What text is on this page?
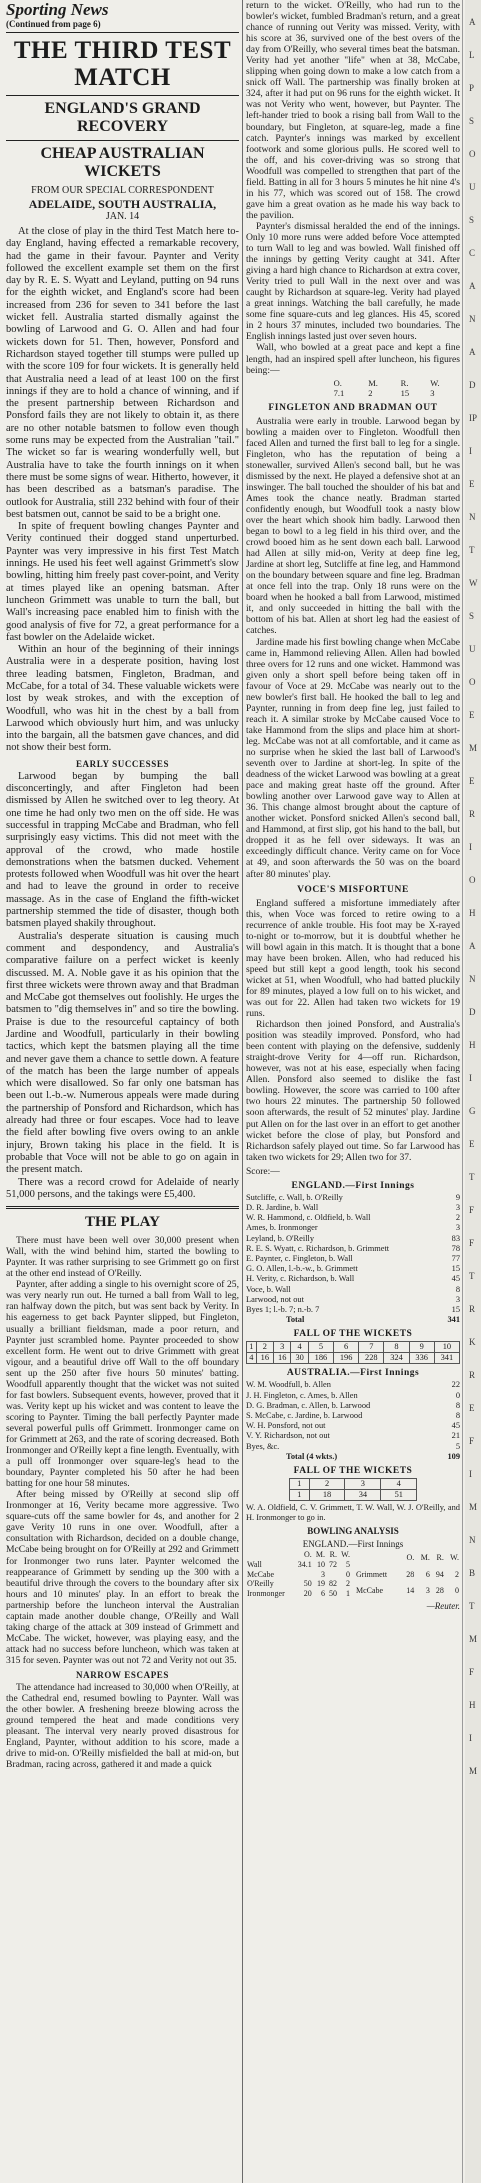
Sporting News
(Continued from page 6)
THE THIRD TEST MATCH
ENGLAND'S GRAND RECOVERY
CHEAP AUSTRALIAN WICKETS
FROM OUR SPECIAL CORRESPONDENT
ADELAIDE, SOUTH AUSTRALIA,
JAN. 14

At the close of play in the third Test Match here to-day England, having effected a remarkable recovery, had the game in their favour. Paynter and Verity followed the excellent example set them on the first day by R. E. S. Wyatt and Leyland, putting on 94 runs for the eighth wicket, and England's score had been increased from 236 for seven to 341 before the last wicket fell. Australia started dismally against the bowling of Larwood and G. O. Allen and had four wickets down for 51. Then, however, Ponsford and Richardson stayed together till stumps were pulled up with the score 109 for four wickets. It is generally held that Australia need a lead of at least 100 on the first innings if they are to hold a chance of winning, and if the present partnership between Richardson and Ponsford fails they are not likely to obtain it, as there are no other notable batsmen to follow even though some runs may be expected from the Australian "tail." The wicket so far is wearing wonderfully well, but Australia have to take the fourth innings on it when there must be some signs of wear. Hitherto, however, it has been described as a batsman's paradise. The outlook for Australia, still 232 behind with four of their best batsmen out, cannot be said to be a bright one.

In spite of frequent bowling changes Paynter and Verity continued their dogged stand unperturbed. Paynter was very impressive in his first Test Match innings. He used his feet well against Grimmett's slow bowling, hitting him freely past cover-point, and Verity at times played like an opening batsman. After luncheon Grimmett was unable to turn the ball, but Wall's increasing pace enabled him to finish with the good analysis of five for 72, a great performance for a fast bowler on the Adelaide wicket.

Within an hour of the beginning of their innings Australia were in a desperate position, having lost three leading batsmen, Fingleton, Bradman, and McCabe, for a total of 34. These valuable wickets were lost by weak strokes, and with the exception of Woodfull, who was hit in the chest by a ball from Larwood which obviously hurt him, and was unlucky into the bargain, all the batsmen gave chances, and did not show their best form.

EARLY SUCCESSES

Larwood began by bumping the ball disconcertingly, and after Fingleton had been dismissed by Allen he switched over to leg theory. At one time he had only two men on the off side. He was successful in trapping McCabe and Bradman, who fell surprisingly easy victims. This did not meet with the approval of the crowd, who made hostile demonstrations when the batsmen ducked. Vehement protests followed when Woodfull was hit over the heart and had to leave the ground in order to receive massage. As in the case of England the fifth-wicket partnership stemmed the tide of disaster, though both batsmen played shakily throughout.

Australia's desperate situation is causing much comment and despondency, and Australia's comparative failure on a perfect wicket is keenly discussed. M. A. Noble gave it as his opinion that the first three wickets were thrown away and that Bradman and McCabe got themselves out foolishly. He urges the batsmen to "dig themselves in" and so tire the bowling. Praise is due to the resourceful captaincy of both Jardine and Woodfull, particularly in their bowling tactics, which kept the batsmen playing all the time and never gave them a chance to settle down. A feature of the match has been the large number of appeals which were disallowed. So far only one batsman has been out l.-b.-w. Numerous appeals were made during the partnership of Ponsford and Richardson, which has already had three or four escapes. Voce had to leave the field after bowling five overs owing to an ankle injury, Brown taking his place in the field. It is probable that Voce will not be able to go on again in the present match.

There was a record crowd for Adelaide of nearly 51,000 persons, and the takings were £5,400.

THE PLAY

There must have been well over 30,000 present when Wall, with the wind behind him, started the bowling to Paynter. It was rather surprising to see Grimmett go on first at the other end instead of O'Reilly.

Paynter, after adding a single to his overnight score of 25, was very nearly run out. He turned a ball from Wall to leg, ran halfway down the pitch, but was sent back by Verity. In his eagerness to get back Paynter slipped, but Fingleton, usually a brilliant fieldsman, made a poor return, and Paynter just scrambled home. Paynter proceeded to show excellent form. He went out to drive Grimmett with great vigour, and a beautiful drive off Wall to the off boundary sent up the 250 after five hours 50 minutes' batting. Woodfull apparently thought that the wicket was not suited for fast bowlers. Subsequent events, however, proved that it was. Verity kept up his wicket and was content to leave the scoring to Paynter. Timing the ball perfectly Paynter made several powerful pulls off Grimmett. Ironmonger came on for Grimmett at 263, and the rate of scoring decreased. Both Ironmonger and O'Reilly kept a fine length. Eventually, with a pull off Ironmonger over square-leg's head to the boundary, Paynter completed his 50 after he had been batting for one hour 58 minutes.

After being missed by O'Reilly at second slip off Ironmonger at 16, Verity became more aggressive. Two square-cuts off the same bowler for 4s, and another for 2 gave Verity 10 runs in one over. Woodfull, after a consultation with Richardson, decided on a double change, McCabe being brought on for O'Reilly at 292 and Grimmett for Ironmonger two runs later. Paynter welcomed the reappearance of Grimmett by sending up the 300 with a beautiful drive through the covers to the boundary after six hours and 10 minutes' play. In an effort to break the partnership before the luncheon interval the Australian captain made another double change, O'Reilly and Wall taking charge of the attack at 309 instead of Grimmett and McCabe. The wicket, however, was playing easy, and the attack had no success before luncheon, which was taken at 315 for seven. Paynter was out not 72 and Verity not out 35.

NARROW ESCAPES

The attendance had increased to 30,000 when O'Reilly, at the Cathedral end, resumed bowling to Paynter. Wall was the other bowler. A freshening breeze blowing across the ground tempered the heat and made conditions very pleasant. The interval very nearly proved disastrous for England, Paynter, without addition to his score, made a drive to mid-on. O'Reilly misfielded the ball at mid-on, but Bradman, racing across, gathered it and made a quick

return to the wicket. O'Reilly, who had run to the bowler's wicket, fumbled Bradman's return, and a great chance of running out Verity was missed. Verity, with his score at 36, survived one of the best overs of the day from O'Reilly, who several times beat the batsman. Verity had yet another "life" when at 38, McCabe, slipping when going down to make a low catch from a snick off Wall. The partnership was finally broken at 324, after it had put on 96 runs for the eighth wicket. It was not Verity who went, however, but Paynter. The left-hander tried to book a rising ball from Wall to the boundary, but Fingleton, at square-leg, made a fine catch. Paynter's innings was marked by excellent footwork and some glorious pulls. He scored well to the off, and his cover-driving was so strong that Woodfull was compelled to strengthen that part of the field. Batting in all for 3 hours 5 minutes he hit nine 4's in his 77, which was scored out of 158. The crowd gave him a great ovation as he made his way back to the pavilion.

Paynter's dismissal heralded the end of the innings. Only 10 more runs were added before Voce attempted to turn Wall to leg and was bowled. Wall finished off the innings by getting Verity caught at 341. After giving a hard high chance to Richardson at extra cover, Verity tried to pull Wall in the next over and was caught by Richardson at square-leg. Verity had played a great innings. Watching the ball carefully, he made some fine square-cuts and leg glances. His 45, scored in 2 hours 37 minutes, included two boundaries. The English innings lasted just over seven hours.

Wall, who bowled at a great pace and kept a fine length, had an inspired spell after luncheon, his figures being:—

	O.	M.	R.	W.
	7.1	2	15	3
FINGLETON AND BRADMAN OUT

Australia were early in trouble. Larwood began by bowling a maiden over to Fingleton. Woodfull then faced Allen and turned the first ball to leg for a single. Fingleton, who has the reputation of being a stonewaller, survived Allen's second ball, but he was dismissed by the next. He played a defensive shot at an inswinger. The ball touched the shoulder of his bat and Ames took the chance neatly. Bradman started confidently enough, but Woodfull took a nasty blow over the heart which shook him badly. Larwood then began to bowl to a leg field in his third over, and the crowd booed him as he sent down each ball. Larwood had Allen at silly mid-on, Verity at deep fine leg, Jardine at short leg, Sutcliffe at fine leg, and Hammond on the boundary between square and fine leg. Bradman at once fell into the trap. Only 18 runs were on the board when he hooked a ball from Larwood, mistimed it, and only succeeded in hitting the ball with the bottom of his bat. Allen at short leg had the easiest of catches.

Jardine made his first bowling change when McCabe came in, Hammond relieving Allen. Allen had bowled three overs for 12 runs and one wicket. Hammond was given only a short spell before being taken off in favour of Voce at 29. McCabe was nearly out to the new bowler's first ball. He hooked the ball to leg and Paynter, running in from deep fine leg, just failed to reach it. A similar stroke by McCabe caused Voce to take Hammond from the slips and place him at short-leg. McCabe was not at all comfortable, and it came as no surprise when he skied the last ball of Larwood's seventh over to Jardine at short-leg. In spite of the deadness of the wicket Larwood was bowling at a great pace and making great haste off the ground. After bowling another over Larwood gave way to Allen at 36. This change almost brought about the capture of another wicket. Ponsford snicked Allen's second ball, and Hammond, at first slip, got his hand to the ball, but dropped it as he fell over sideways. It was an exceedingly difficult chance. Verity came on for Voce at 49, and soon afterwards the 50 was on the board after 80 minutes' play.

VOCE'S MISFORTUNE

England suffered a misfortune immediately after this, when Voce was forced to retire owing to a recurrence of ankle trouble. His foot may be X-rayed to-night or to-morrow, but it is doubtful whether he will bowl again in this match. It is thought that a bone may have been broken. Allen, who had reduced his speed but still kept a good length, took his second wicket at 51, when Woodfull, who had batted pluckily for 89 minutes, played a low full on to his wicket, and was out for 22. Allen had taken two wickets for 19 runs.

Richardson then joined Ponsford, and Australia's position was steadily improved. Ponsford, who had been content with playing on the defensive, suddenly straight-drove Verity for 4—off run. Richardson, however, was not at his ease, especially when facing Allen. Ponsford also seemed to dislike the fast bowling. However, the score was carried to 100 after two hours 22 minutes. The partnership 50 followed soon afterwards, the result of 52 minutes' play. Jardine put Allen on for the last over in an effort to get another wicket before the close of play, but Ponsford and Richardson safely played out time. So far Larwood has taken two wickets for 29; Allen two for 37.

Score:—
ENGLAND.—First Innings
Sutcliffe, c. Wall, b. O'Reilly	9
D. R. Jardine, b. Wall	3
W. R. Hammond, c. Oldfield, b. Wall	2
Ames, b. Ironmonger	3
Leyland, b. O'Reilly	83
R. E. S. Wyatt, c. Richardson, b. Grimmett	78
E. Paynter, c. Fingleton, b. Wall	77
G. O. Allen, l.-b.-w., b. Grimmett	15
H. Verity, c. Richardson, b. Wall	45
Voce, b. Wall	8
Larwood, not out	3
Byes 1; l.-b. 7; n.-b. 7	15
Total	341
FALL OF THE WICKETS
1	2	3	4	5	6	7	8	9	10
4	16	16	30	186	196	228	324	336	341
AUSTRALIA.—First Innings
W. M. Woodfull, b. Allen	22
J. H. Fingleton, c. Ames, b. Allen	0
D. G. Bradman, c. Allen, b. Larwood	8
S. McCabe, c. Jardine, b. Larwood	8
W. H. Ponsford, not out	45
V. Y. Richardson, not out	21
Byes, &c.	5
Total (4 wkts.)	109
FALL OF THE WICKETS
1	2	3	4
1	18	34	51
W. A. Oldfield, C. V. Grimmett, T. W. Wall, W. J. O'Reilly, and H. Ironmonger to go in.
BOWLING ANALYSIS
ENGLAND.—First Innings
	O.	M.	R.	W.
Wall	34.1	10	72	5
McCabe		3		0
O'Reilly	50	19	82	2
Ironmonger	20	6	50	1
	O.	M.	R.	W.
Grimmett	28	6	94	2
McCabe	14	3	28	0
—Reuter.
ALP SOUSCAN ADIPIENTWSUOE MERIOHANDHIGE TFF TRKREF IMNBTM FHIM
